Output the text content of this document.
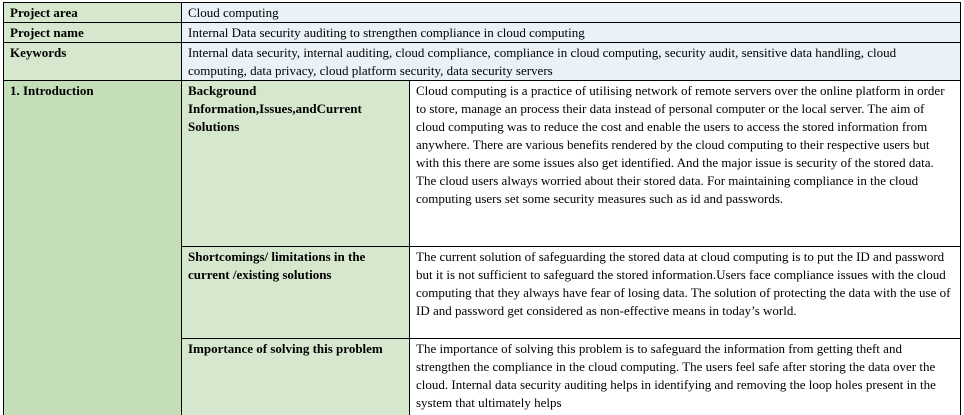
Project area	Cloud computing	
Project name	Internal Data security auditing to strengthen compliance in cloud computing	
Keywords	Internal data security, internal auditing, cloud compliance, compliance in cloud computing, security audit, sensitive data handling, cloud computing, data privacy, cloud platform security, data security servers	
1. Introduction	Background Information,Issues,andCurrent Solutions	Cloud computing is a practice of utilising network of remote servers over the online platform in order to store, manage an process their data instead of personal computer or the local server. The aim of cloud computing was to reduce the cost and enable the users to access the stored information from anywhere. There are various benefits rendered by the cloud computing to their respective users but with this there are some issues also get identified. And the major issue is security of the stored data. The cloud users always worried about their stored data. For maintaining compliance in the cloud computing users set some security measures such as id and passwords.

	Shortcomings/ limitations in the current /existing solutions	The current solution of safeguarding the stored data at cloud computing is to put the ID and password but it is not sufficient to safeguard the stored information.Users face compliance issues with the cloud computing that they always have fear of losing data. The solution of protecting the data with the use of ID and password get considered as non-effective means in today’s world.

	Importance of solving this problem	The importance of solving this problem is to safeguard the information from getting theft and strengthen the compliance in the cloud computing. The users feel safe after storing the data over the cloud. Internal data security auditing helps in identifying and removing the loop holes present in the system that ultimately helps
